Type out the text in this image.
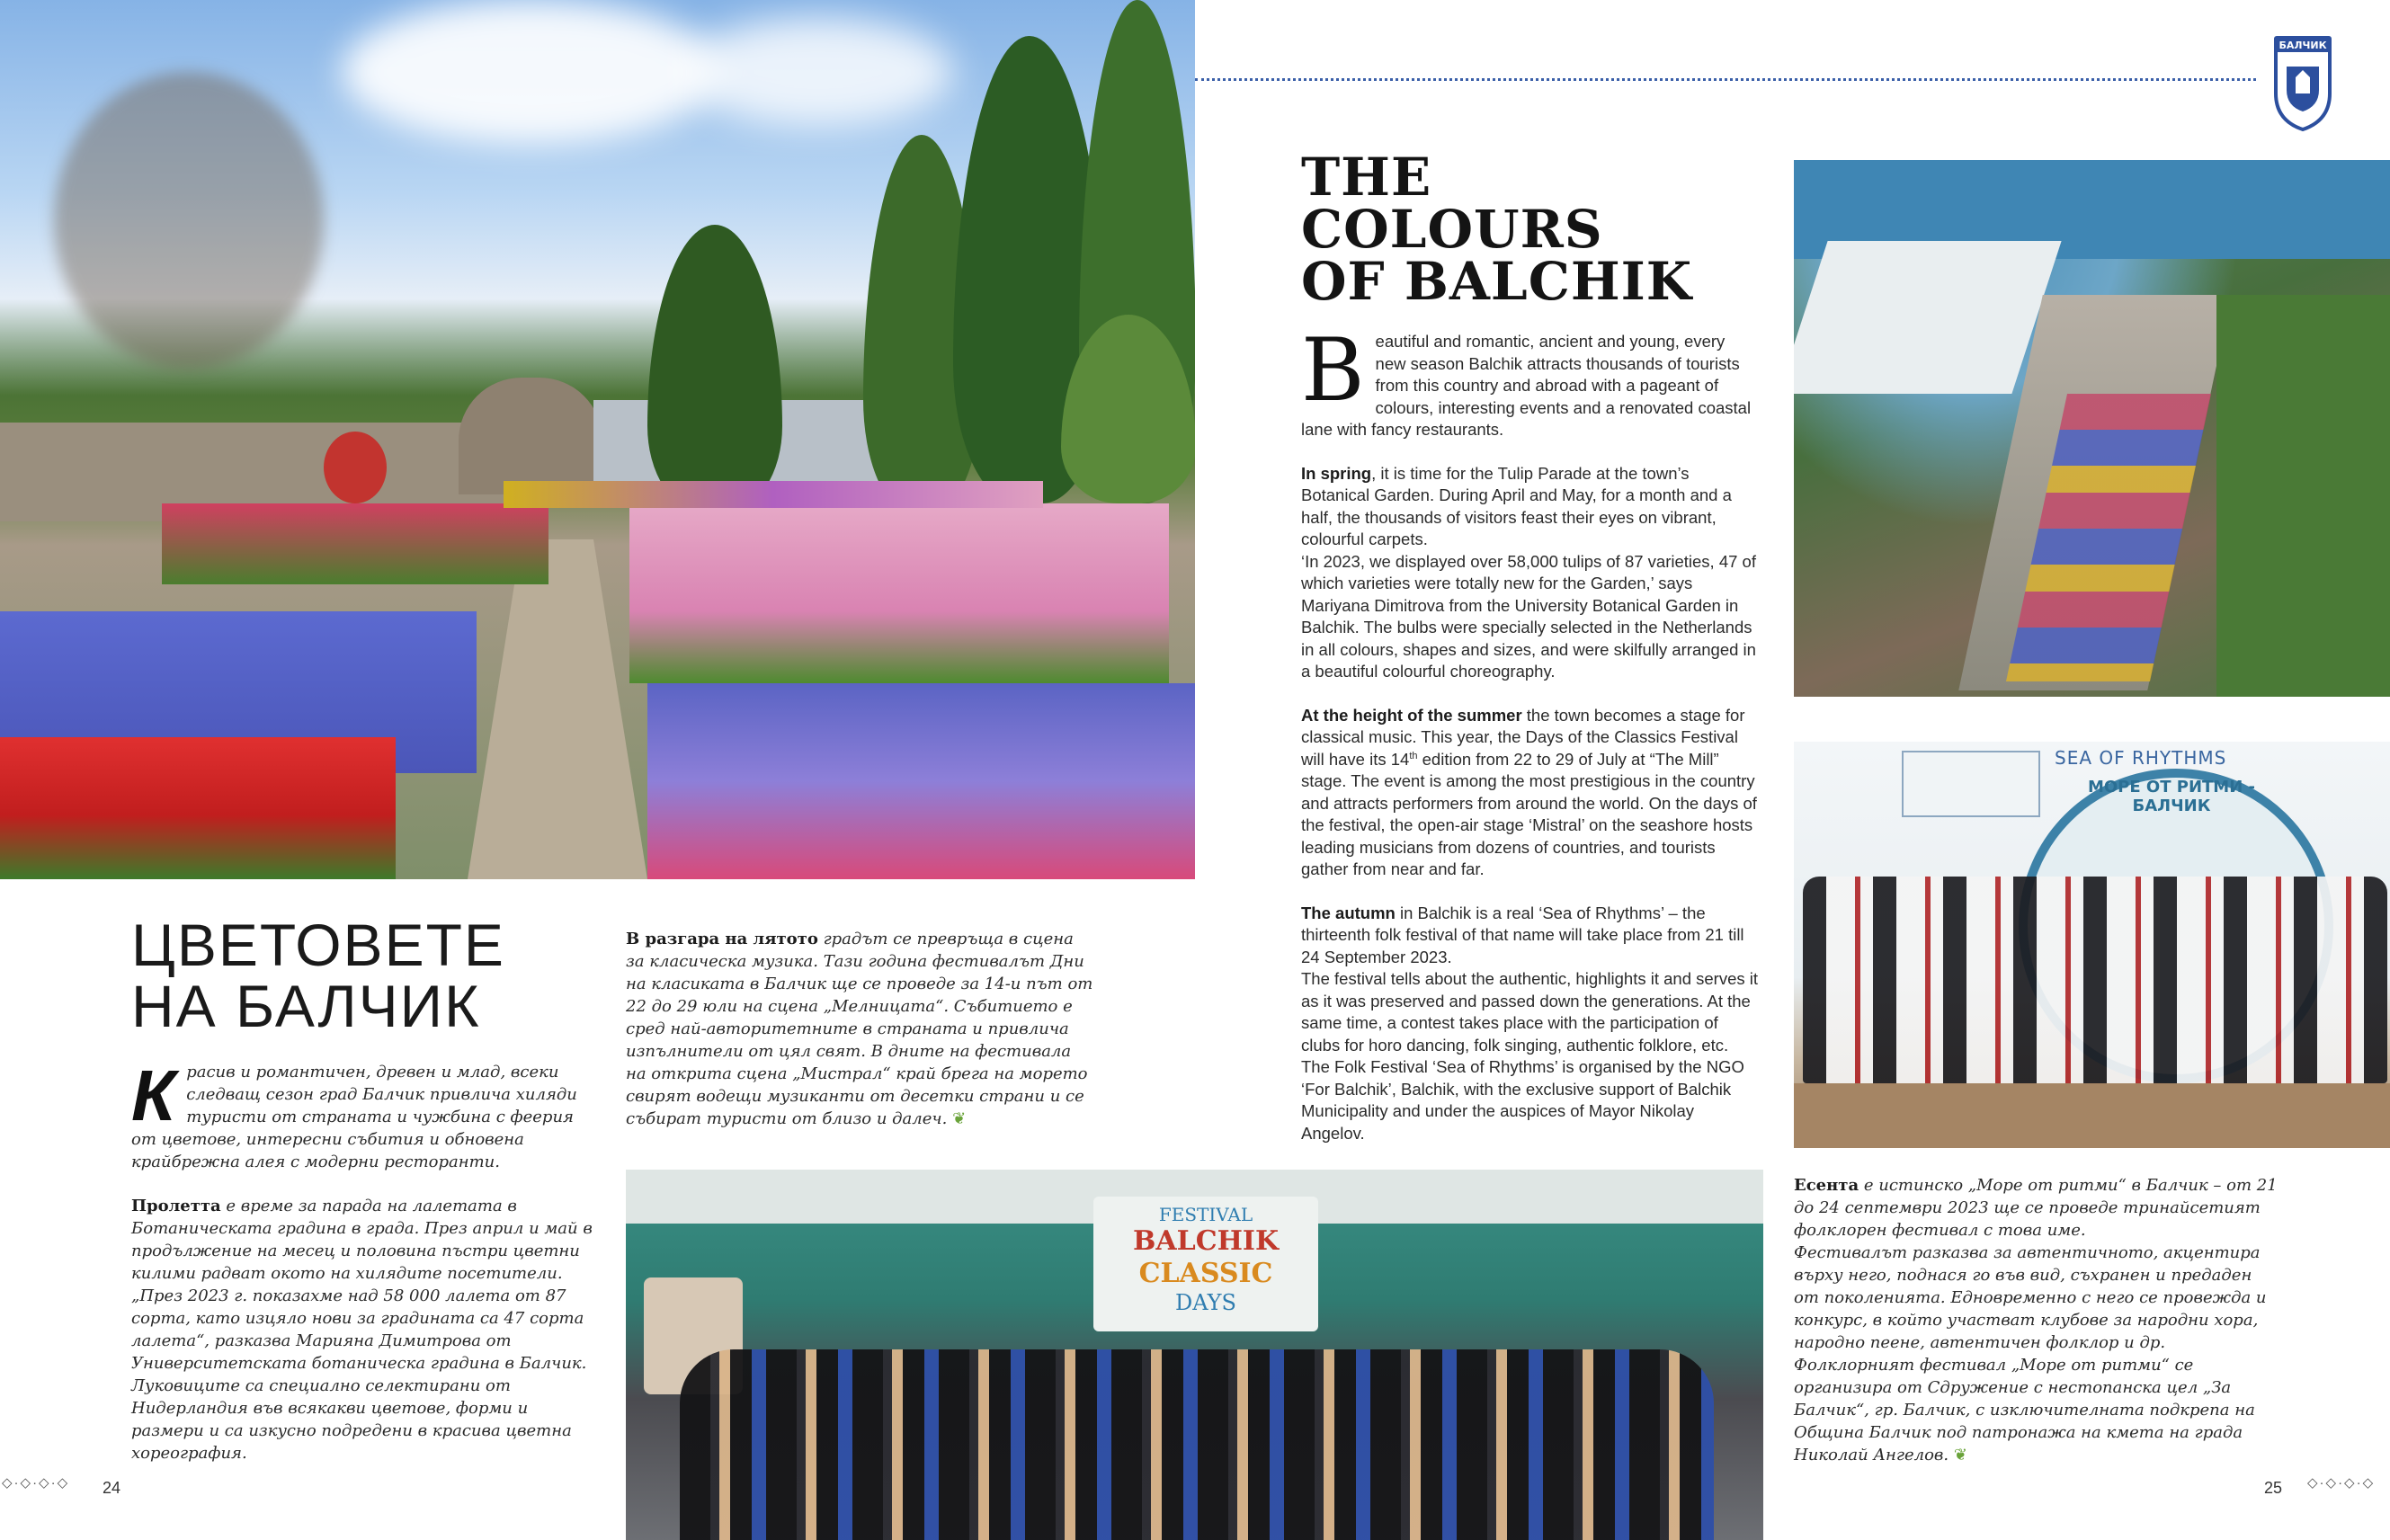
SEA OF RHYTHMS
МОРЕ ОТ РИТМИ - БАЛЧИК
FESTIVAL
BALCHIK
CLASSIC
DAYS
БАЛЧИК
THE
COLOURS
OF BALCHIK

Beautiful and romantic, ancient and young, every new season Balchik attracts thousands of tourists from this country and abroad with a pageant of colours, interesting events and a renovated coastal lane with fancy restaurants.

In spring, it is time for the Tulip Parade at the town’s Botanical Garden. During April and May, for a month and a half, the thousands of visitors feast their eyes on vibrant, colourful carpets.

‘In 2023, we displayed over 58,000 tulips of 87 varieties, 47 of which varieties were totally new for the Garden,’ says Mariyana Dimitrova from the University Botanical Garden in Balchik. The bulbs were specially selected in the Netherlands in all colours, shapes and sizes, and were skilfully arranged in a beautiful colourful choreography.

At the height of the summer the town becomes a stage for classical music. This year, the Days of the Classics Festival will have its 14th edition from 22 to 29 of July at “The Mill” stage. The event is among the most prestigious in the country and attracts performers from around the world. On the days of the festival, the open-air stage ‘Mistral’ on the seashore hosts leading musicians from dozens of countries, and tourists gather from near and far.

The autumn in Balchik is a real ‘Sea of Rhythms’ – the thirteenth folk festival of that name will take place from 21 till 24 September 2023.

The festival tells about the authentic, highlights it and serves it as it was preserved and passed down the generations. At the same time, a contest takes place with the participation of clubs for horo dancing, folk singing, authentic folklore, etc.

The Folk Festival ‘Sea of Rhythms’ is organised by the NGO ‘For Balchik’, Balchik, with the exclusive support of Balchik Municipality and under the auspices of Mayor Nikolay Angelov.

ЦВЕТОВЕТЕ
НА БАЛЧИК

Красив и романтичен, древен и млад, всеки следващ сезон град Балчик привлича хиляди туристи от страната и чужбина с феерия от цветове, интересни събития и обновена крайбрежна алея с модерни ресторанти.

Пролетта е време за парада на лалетата в Ботаническата градина в града. През април и май в продължение на месец и половина пъстри цветни килими радват окото на хилядите посетители.

„През 2023 г. показахме над 58 000 лалета от 87 сорта, като изцяло нови за градината са 47 сорта лалета“, разказва Марияна Димитрова от Университетската ботаническа градина в Балчик.

Луковиците са специално селектирани от Нидерландия във всякакви цветове, форми и размери и са изкусно подредени в красива цветна хореография.

В разгара на лятото градът се превръща в сцена за класическа музика. Тази година фестивалът Дни на класиката в Балчик ще се проведе за 14-и път от 22 до 29 юли на сцена „Мелницата“. Събитието е сред най-авторитетните в страната и привлича изпълнители от цял свят. В дните на фестивала на открита сцена „Мистрал“ край брега на морето свирят водещи музиканти от десетки страни и се събират туристи от близо и далеч. ❦

Есента е истинско „Море от ритми“ в Балчик – от 21 до 24 септември 2023 ще се проведе тринайсетият фолклорен фестивал с това име.

Фестивалът разказва за автентичното, акцентира върху него, поднася го във вид, съхранен и предаден от поколенията. Едновременно с него се провежда и конкурс, в който участват клубове за народни хора, народно пеене, автентичен фолклор и др.

Фолклорният фестивал „Море от ритми“ се организира от Сдружение с нестопанска цел „За Балчик“, гр. Балчик, с изключителната подкрепа на Община Балчик под патронажа на кмета на града Николай Ангелов. ❦

◇·◇·◇·◇ 24	25 ◇·◇·◇·◇
